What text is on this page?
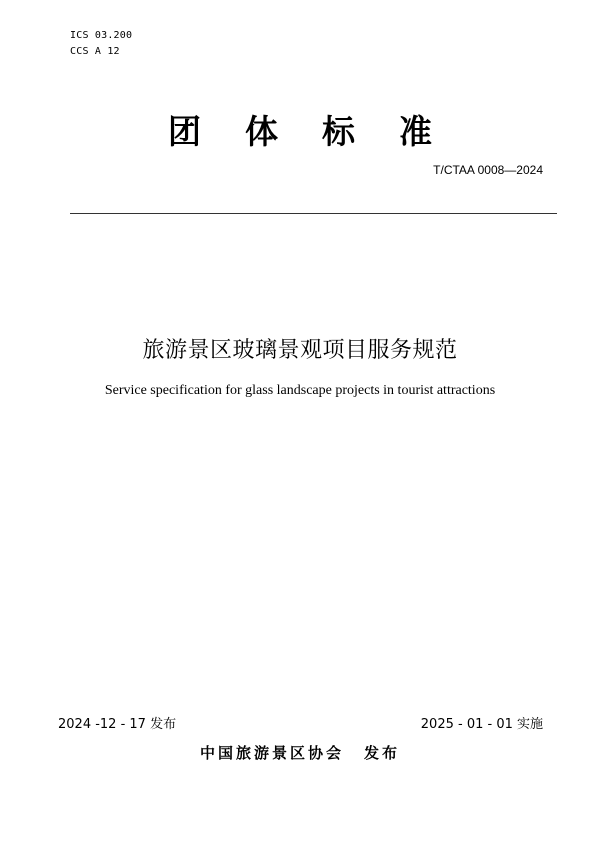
ICS 03.200
CCS A 12
团体标准
T/CTAA 0008—2024
旅游景区玻璃景观项目服务规范
Service specification for glass landscape projects in tourist attractions
2024 -12 - 17 发布	2025 - 01 - 01 实施
中国旅游景区协会 发布
